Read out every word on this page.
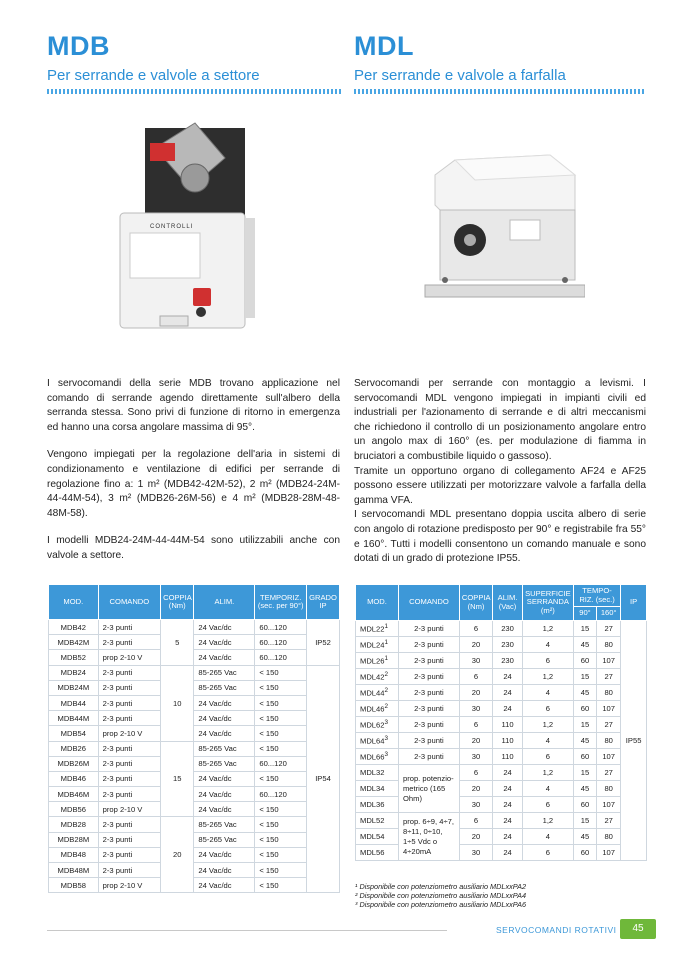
MDB
Per serrande e valvole a settore
CONTROLLI

I servocomandi della serie MDB trovano applicazione nel comando di serrande agendo direttamente sull'albero della serranda stessa. Sono privi di funzione di ritorno in emergenza ed hanno una corsa angolare massima di 95°.

Vengono impiegati per la regolazione dell'aria in sistemi di condizionamento e ventilazione di edifici per serrande di regolazione fino a: 1 m² (MDB42-42M-52), 2 m² (MDB24-24M-44-44M-54), 3 m² (MDB26-26M-56) e 4 m² (MDB28-28M-48-48M-58).

I modelli MDB24-24M-44-44M-54 sono utilizzabili anche con valvole a settore.

MOD.	COMANDO	COPPIA (Nm)	ALIM.	TEMPORIZ. (sec. per 90°)	GRADO IP
MDB42	2-3 punti	5	24 Vac/dc	60...120	IP52
MDB42M	2-3 punti		24 Vac/dc	60...120	
MDB52	prop 2-10 V		24 Vac/dc	60...120	
MDB24	2-3 punti	10	85-265 Vac	< 150	IP54
MDB24M	2-3 punti		85-265 Vac	< 150	
MDB44	2-3 punti		24 Vac/dc	< 150	
MDB44M	2-3 punti		24 Vac/dc	< 150	
MDB54	prop 2-10 V		24 Vac/dc	< 150	
MDB26	2-3 punti	15	85-265 Vac	< 150	
MDB26M	2-3 punti		85-265 Vac	60...120	
MDB46	2-3 punti		24 Vac/dc	< 150	
MDB46M	2-3 punti		24 Vac/dc	60...120	
MDB56	prop 2-10 V		24 Vac/dc	< 150	
MDB28	2-3 punti	20	85-265 Vac	< 150	
MDB28M	2-3 punti		85-265 Vac	< 150	
MDB48	2-3 punti		24 Vac/dc	< 150	
MDB48M	2-3 punti		24 Vac/dc	< 150	
MDB58	prop 2-10 V		24 Vac/dc	< 150	
MDL
Per serrande e valvole a farfalla

Servocomandi per serrande con montaggio a levismi. I servocomandi MDL vengono impiegati in impianti civili ed industriali per l'azionamento di serrande e di altri meccanismi che richiedono il controllo di un posizionamento angolare entro un angolo max di 160° (es. per modulazione di fiamma in bruciatori a combustibile liquido o gassoso).

Tramite un opportuno organo di collegamento AF24 e AF25 possono essere utilizzati per motorizzare valvole a farfalla della gamma VFA.

I servocomandi MDL presentano doppia uscita albero di serie con angolo di rotazione predisposto per 90° e registrabile fra 55° e 160°. Tutti i modelli consentono un comando manuale e sono dotati di un grado di protezione IP55.

MOD.	COMANDO	COPPIA (Nm)	ALIM. (Vac)	SUPERFICIE SERRANDA (m²)	TEMPO-RIZ. (sec.)		IP
					90°	160°	
$MDL22^1$	2-3 punti	6	230	1,2	15	27	IP55
$MDL24^1$	2-3 punti	20	230	4	45	80	
$MDL26^1$	2-3 punti	30	230	6	60	107	
$MDL42^2$	2-3 punti	6	24	1,2	15	27	
$MDL44^2$	2-3 punti	20	24	4	45	80	
$MDL46^2$	2-3 punti	30	24	6	60	107	
$MDL62^3$	2-3 punti	6	110	1,2	15	27	
$MDL64^3$	2-3 punti	20	110	4	45	80	
$MDL66^3$	2-3 punti	30	110	6	60	107	
MDL32	prop. potenzio-metrico (165 Ohm)	6	24	1,2	15	27	
MDL34		20	24	4	45	80	
MDL36		30	24	6	60	107	
MDL52	prop. 6÷9, 4÷7, 8÷11, 0÷10, 1÷5 Vdc o 4÷20mA	6	24	1,2	15	27	
MDL54		20	24	4	45	80	
MDL56		30	24	6	60	107	
¹ Disponibile con potenziometro ausiliario MDLxxPA2
² Disponibile con potenziometro ausiliario MDLxxPA4
³ Disponibile con potenziometro ausiliario MDLxxPA6
SERVOCOMANDI ROTATIVI	45
